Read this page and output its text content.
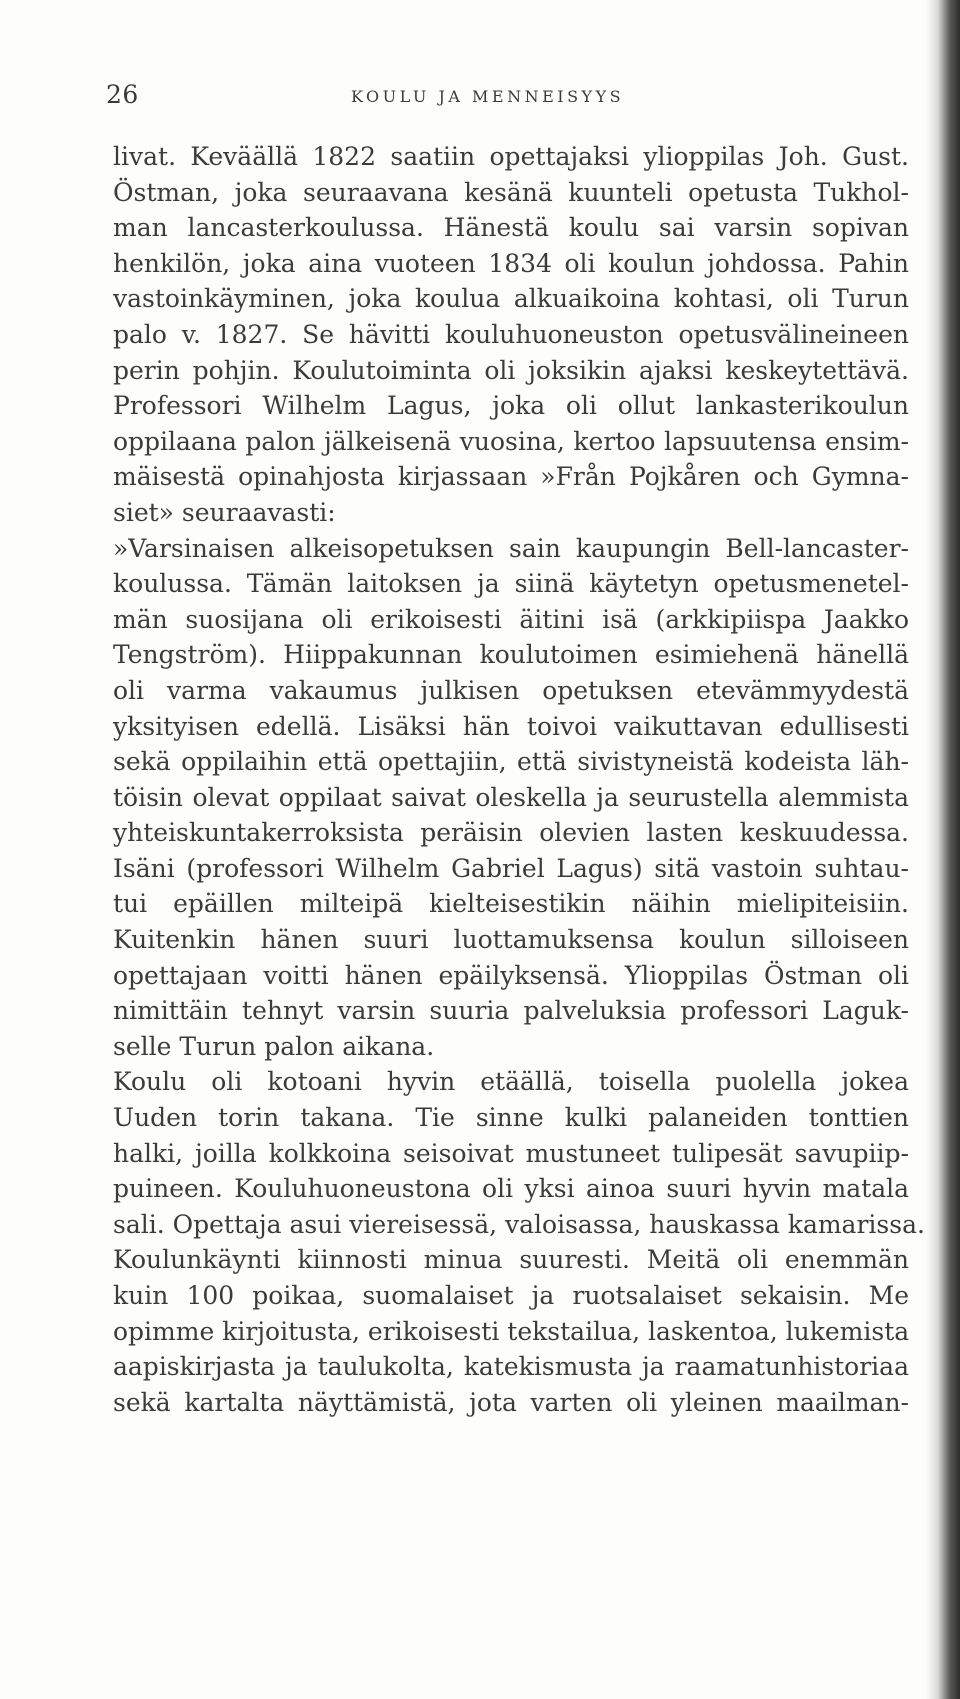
26	KOULU JA MENNEISYYS
livat. Keväällä 1822 saatiin opettajaksi ylioppilas Joh. Gust.
Östman, joka seuraavana kesänä kuunteli opetusta Tukhol-
man lancasterkoulussa. Hänestä koulu sai varsin sopivan
henkilön, joka aina vuoteen 1834 oli koulun johdossa. Pahin
vastoinkäyminen, joka koulua alkuaikoina kohtasi, oli Turun
palo v. 1827. Se hävitti kouluhuoneuston opetusvälineineen
perin pohjin. Koulutoiminta oli joksikin ajaksi keskeytettävä.
Professori Wilhelm Lagus, joka oli ollut lankasterikoulun
oppilaana palon jälkeisenä vuosina, kertoo lapsuutensa ensim-
mäisestä opinahjosta kirjassaan »Från Pojkåren och Gymna-
siet» seuraavasti:
»Varsinaisen alkeisopetuksen sain kaupungin Bell-lancaster-
koulussa. Tämän laitoksen ja siinä käytetyn opetusmenetel-
män suosijana oli erikoisesti äitini isä (arkkipiispa Jaakko
Tengström). Hiippakunnan koulutoimen esimiehenä hänellä
oli varma vakaumus julkisen opetuksen etevämmyydestä
yksityisen edellä. Lisäksi hän toivoi vaikuttavan edullisesti
sekä oppilaihin että opettajiin, että sivistyneistä kodeista läh-
töisin olevat oppilaat saivat oleskella ja seurustella alemmista
yhteiskuntakerroksista peräisin olevien lasten keskuudessa.
Isäni (professori Wilhelm Gabriel Lagus) sitä vastoin suhtau-
tui epäillen milteipä kielteisestikin näihin mielipiteisiin.
Kuitenkin hänen suuri luottamuksensa koulun silloiseen
opettajaan voitti hänen epäilyksensä. Ylioppilas Östman oli
nimittäin tehnyt varsin suuria palveluksia professori Laguk-
selle Turun palon aikana.
Koulu oli kotoani hyvin etäällä, toisella puolella jokea
Uuden torin takana. Tie sinne kulki palaneiden tonttien
halki, joilla kolkkoina seisoivat mustuneet tulipesät savupiip-
puineen. Kouluhuoneustona oli yksi ainoa suuri hyvin matala
sali. Opettaja asui viereisessä, valoisassa, hauskassa kamarissa.
Koulunkäynti kiinnosti minua suuresti. Meitä oli enemmän
kuin 100 poikaa, suomalaiset ja ruotsalaiset sekaisin. Me
opimme kirjoitusta, erikoisesti tekstailua, laskentoa, lukemista
aapiskirjasta ja taulukolta, katekismusta ja raamatunhistoriaa
sekä kartalta näyttämistä, jota varten oli yleinen maailman-
